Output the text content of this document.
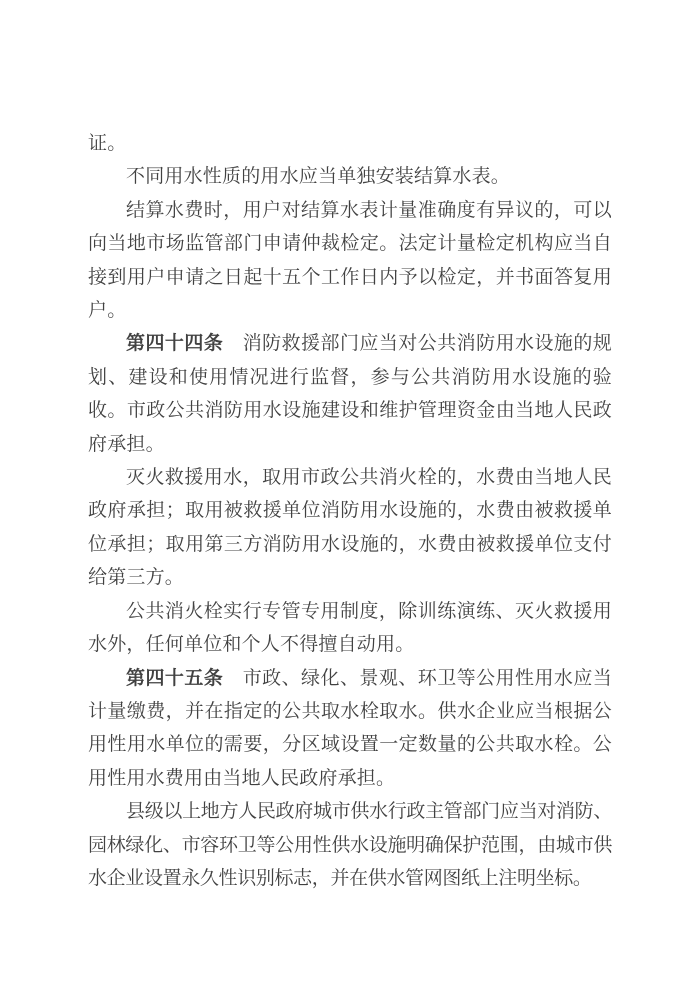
证。

不同用水性质的用水应当单独安装结算水表。

结算水费时，用户对结算水表计量准确度有异议的，可以向当地市场监管部门申请仲裁检定。法定计量检定机构应当自接到用户申请之日起十五个工作日内予以检定，并书面答复用户。

第四十四条　消防救援部门应当对公共消防用水设施的规划、建设和使用情况进行监督，参与公共消防用水设施的验收。市政公共消防用水设施建设和维护管理资金由当地人民政府承担。

灭火救援用水，取用市政公共消火栓的，水费由当地人民政府承担；取用被救援单位消防用水设施的，水费由被救援单位承担；取用第三方消防用水设施的，水费由被救援单位支付给第三方。

公共消火栓实行专管专用制度，除训练演练、灭火救援用水外，任何单位和个人不得擅自动用。

第四十五条　市政、绿化、景观、环卫等公用性用水应当计量缴费，并在指定的公共取水栓取水。供水企业应当根据公用性用水单位的需要，分区域设置一定数量的公共取水栓。公用性用水费用由当地人民政府承担。

县级以上地方人民政府城市供水行政主管部门应当对消防、园林绿化、市容环卫等公用性供水设施明确保护范围，由城市供水企业设置永久性识别标志，并在供水管网图纸上注明坐标。
